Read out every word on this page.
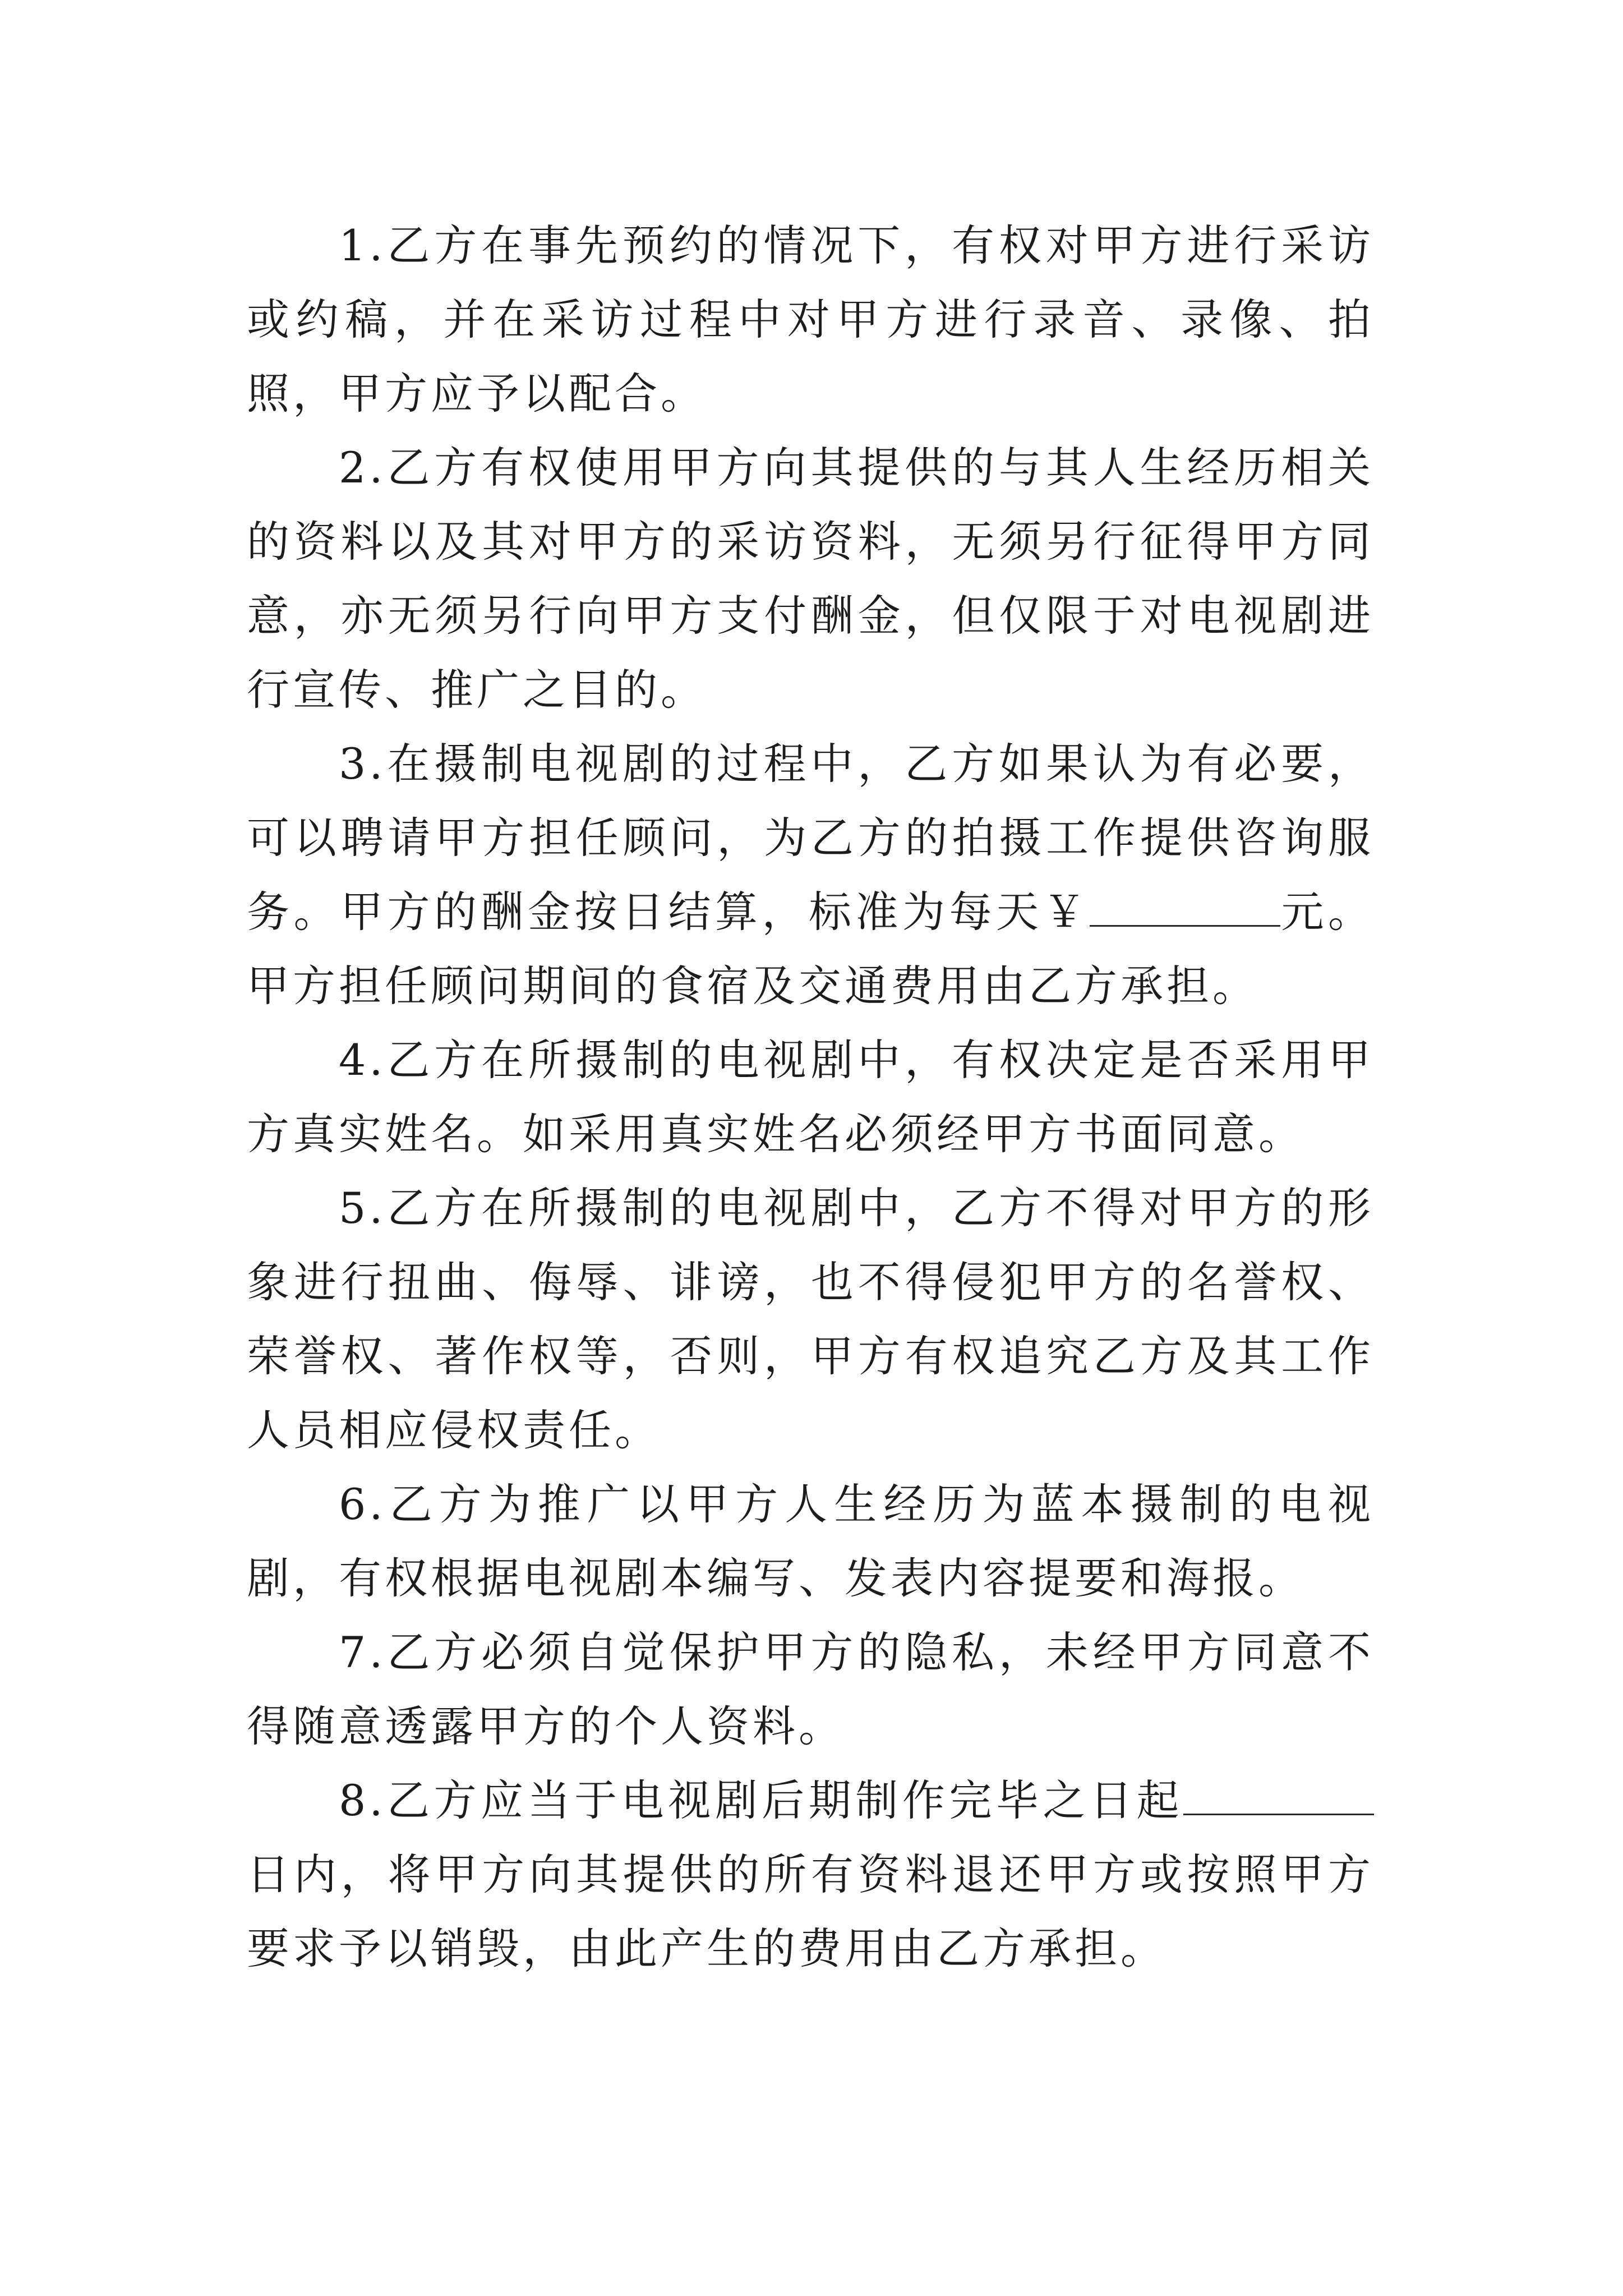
1.乙方在事先预约的情况下，有权对甲方进行采访或约稿，并在采访过程中对甲方进行录音、录像、拍照，甲方应予以配合。

2.乙方有权使用甲方向其提供的与其人生经历相关的资料以及其对甲方的采访资料，无须另行征得甲方同意，亦无须另行向甲方支付酬金，但仅限于对电视剧进行宣传、推广之目的。

3.在摄制电视剧的过程中，乙方如果认为有必要，可以聘请甲方担任顾问，为乙方的拍摄工作提供咨询服务。甲方的酬金按日结算，标准为每天￥	元。甲方担任顾问期间的食宿及交通费用由乙方承担。

4.乙方在所摄制的电视剧中，有权决定是否采用甲方真实姓名。如采用真实姓名必须经甲方书面同意。

5.乙方在所摄制的电视剧中，乙方不得对甲方的形象进行扭曲、侮辱、诽谤，也不得侵犯甲方的名誉权、荣誉权、著作权等，否则，甲方有权追究乙方及其工作人员相应侵权责任。

6.乙方为推广以甲方人生经历为蓝本摄制的电视剧，有权根据电视剧本编写、发表内容提要和海报。

7.乙方必须自觉保护甲方的隐私，未经甲方同意不得随意透露甲方的个人资料。

8.乙方应当于电视剧后期制作完毕之日起日内，将甲方向其提供的所有资料退还甲方或按照甲方要求予以销毁，由此产生的费用由乙方承担。
